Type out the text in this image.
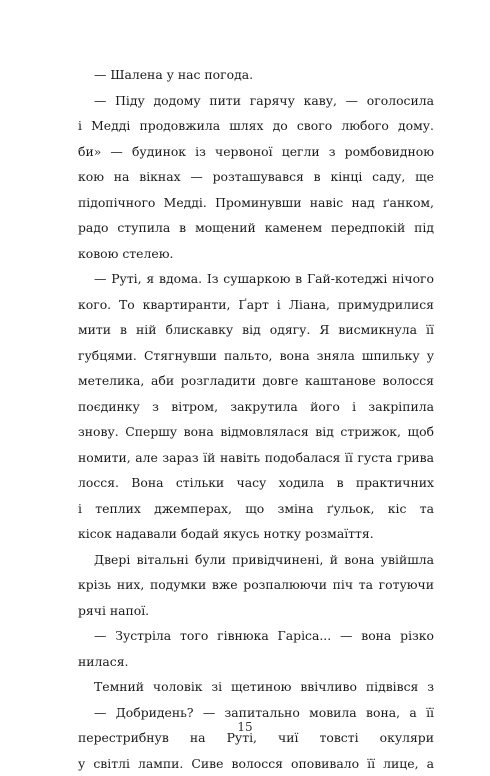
— Шалена у нас погода.
— Піду додому пити гарячу каву, — оголосила
і Медді продовжила шлях до свого любого дому.
би» — будинок із червоної цегли з ромбовидною
кою на вікнах — розташувався в кінці саду, ще
підопічного Медді. Проминувши навіс над ґанком,
радо ступила в мощений каменем передпокій під
ковою стелею.
— Руті, я вдома. Із сушаркою в Гай-котеджі нічого
кого. То квартиранти, Ґарт і Ліана, примудрилися
мити в ній блискавку від одягу. Я висмикнула її
губцями. Стягнувши пальто, вона зняла шпильку у
метелика, аби розгладити довге каштанове волосся
поєдинку з вітром, закрутила його і закріпила
знову. Спершу вона відмовлялася від стрижок, щоб
номити, але зараз їй навіть подобалася її густа грива
лосся. Вона стільки часу ходила в практичних
і теплих джемперах, що зміна ґульок, кіс та
кісок надавали бодай якусь нотку розмаїття.
Двері вітальні були привідчинені, й вона увійшла
крізь них, подумки вже розпалюючи піч та готуючи
рячі напої.
— Зустріла того гівнюка Гаріса... — вона різко
нилася.
Темний чоловік зі щетиною ввічливо підвівся з
— Добридень? — запитально мовила вона, а її
перестрибнув на Руті, чиї товсті окуляри
у світлі лампи. Сиве волосся оповивало її лице, а
15
